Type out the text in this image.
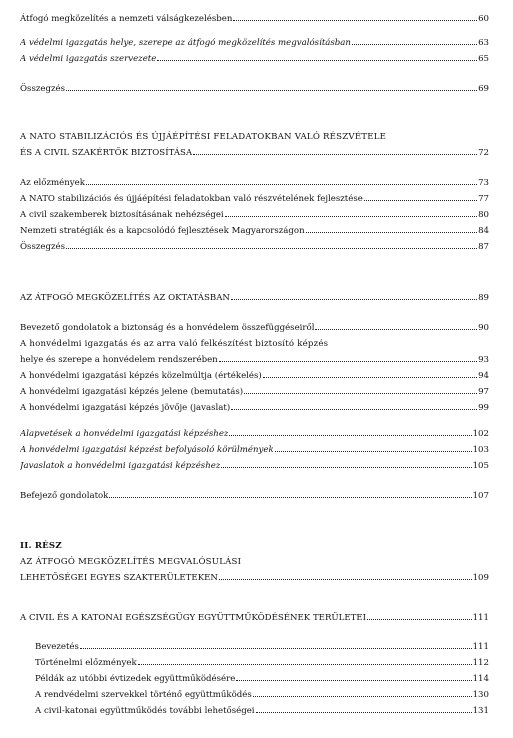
Átfogó megközelítés a nemzeti válságkezelésben	60
A védelmi igazgatás helye, szerepe az átfogó megközelítés megvalósításban	63
A védelmi igazgatás szervezete	65
Összegzés	69
A NATO STABILIZÁCIÓS ÉS ÚJJÁÉPÍTÉSI FELADATOKBAN VALÓ RÉSZVÉTELE
ÉS A CIVIL SZAKÉRTŐK BIZTOSÍTÁSA	72
Az előzmények	73
A NATO stabilizációs és újjáépítési feladatokban való részvételének fejlesztése	77
A civil szakemberek biztosításának nehézségei	80
Nemzeti stratégiák és a kapcsolódó fejlesztések Magyarországon	84
Összegzés	87
AZ ÁTFOGÓ MEGKÖZELÍTÉS AZ OKTATÁSBAN	89
Bevezető gondolatok a biztonság és a honvédelem összefüggéseiről	90
A honvédelmi igazgatás és az arra való felkészítést biztosító képzés
helye és szerepe a honvédelem rendszerében	93
A honvédelmi igazgatási képzés közelmúltja (értékelés)	94
A honvédelmi igazgatási képzés jelene (bemutatás)	97
A honvédelmi igazgatási képzés jövője (javaslat)	99
Alapvetések a honvédelmi igazgatási képzéshez	102
A honvédelmi igazgatási képzést befolyásoló körülmények	103
Javaslatok a honvédelmi igazgatási képzéshez	105
Befejező gondolatok	107
II. RÉSZ
AZ ÁTFOGÓ MEGKÖZELÍTÉS MEGVALÓSULÁSI
LEHETŐSÉGEI EGYES SZAKTERÜLETEKEN	109
A CIVIL ÉS A KATONAI EGÉSZSÉGÜGY EGYÜTTMŰKÖDÉSÉNEK TERÜLETEI	111
Bevezetés	111
Történelmi előzmények	112
Példák az utóbbi évtizedek együttműködésére	114
A rendvédelmi szervekkel történő együttműködés	130
A civil-katonai együttműködés további lehetőségei	131
